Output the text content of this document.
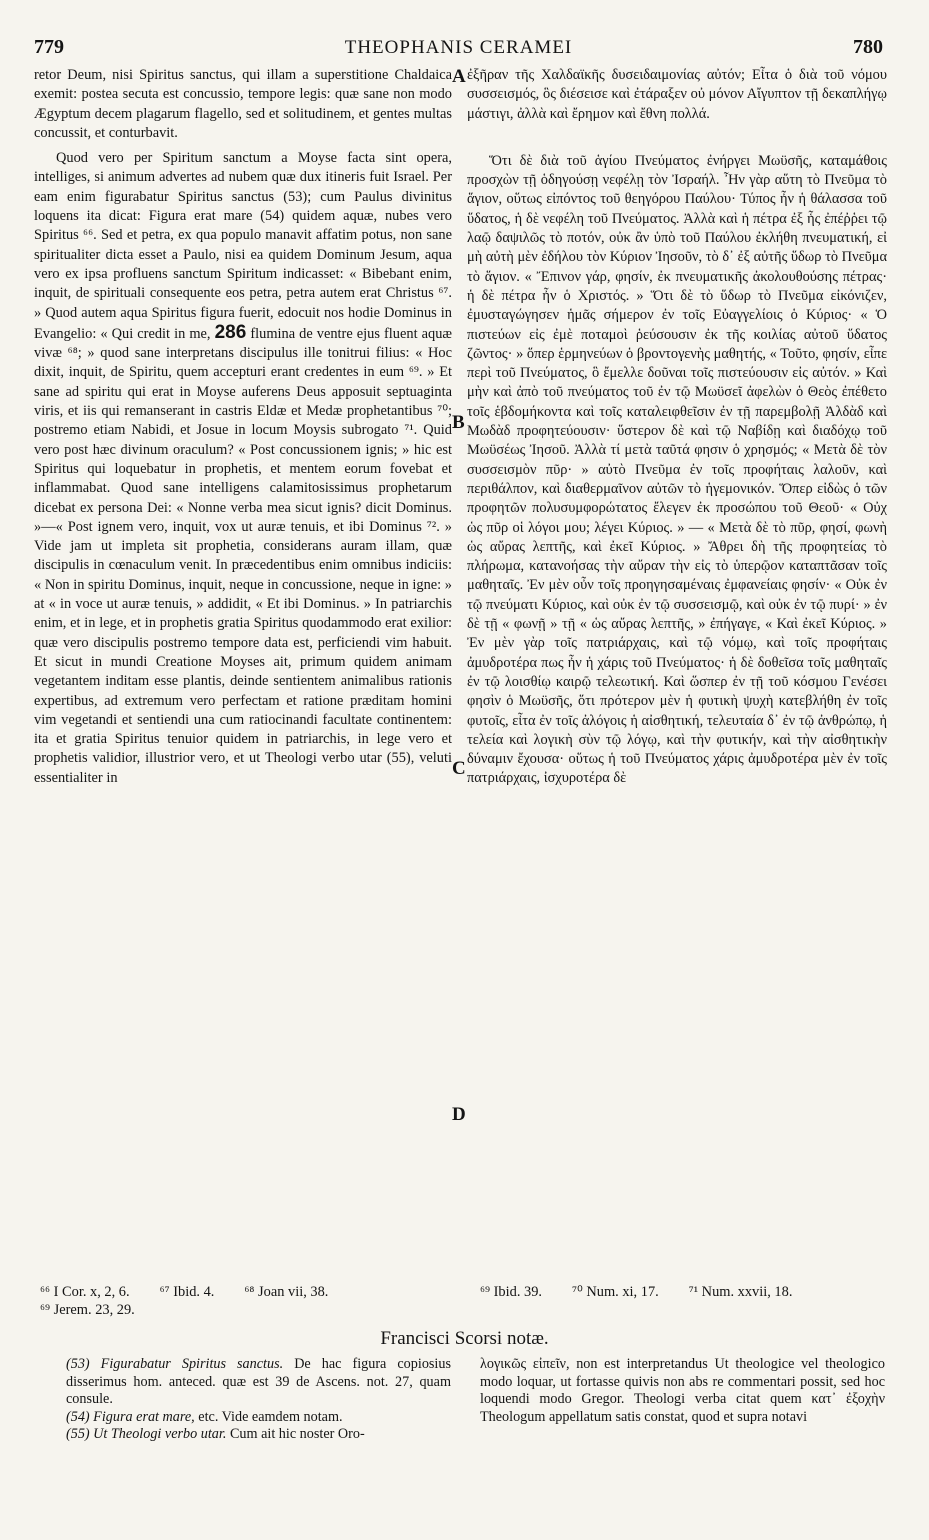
779	THEOPHANIS CERAMEI	780

retor Deum, nisi Spiritus sanctus, qui illam a superstitione Chaldaica exemit: postea secuta est concussio, tempore legis: quæ sane non modo Ægyptum decem plagarum flagello, sed et solitudinem, et gentes multas concussit, et conturbavit.

Quod vero per Spiritum sanctum a Moyse facta sint opera, intelliges, si animum advertes ad nubem quæ dux itineris fuit Israel. Per eam enim figurabatur Spiritus sanctus (53); cum Paulus divinitus loquens ita dicat: Figura erat mare (54) quidem aquæ, nubes vero Spiritus ⁶⁶. Sed et petra, ex qua populo manavit affatim potus, non sane spiritualiter dicta esset a Paulo, nisi ea quidem Dominum Jesum, aqua vero ex ipsa profluens sanctum Spiritum indicasset: « Bibebant enim, inquit, de spirituali consequente eos petra, petra autem erat Christus ⁶⁷. » Quod autem aqua Spiritus figura fuerit, edocuit nos hodie Dominus in Evangelio: « Qui credit in me, 286 flumina de ventre ejus fluent aquæ vivæ ⁶⁸; » quod sane interpretans discipulus ille tonitrui filius: « Hoc dixit, inquit, de Spiritu, quem accepturi erant credentes in eum ⁶⁹. » Et sane ad spiritu qui erat in Moyse auferens Deus apposuit septuaginta viris, et iis qui remanserant in castris Eldæ et Medæ prophetantibus ⁷⁰; postremo etiam Nabidi, et Josue in locum Moysis subrogato ⁷¹. Quid vero post hæc divinum oraculum? « Post concussionem ignis; » hic est Spiritus qui loquebatur in prophetis, et mentem eorum fovebat et inflammabat. Quod sane intelligens calamitosissimus prophetarum dicebat ex persona Dei: « Nonne verba mea sicut ignis? dicit Dominus. »—« Post ignem vero, inquit, vox ut auræ tenuis, et ibi Dominus ⁷². » Vide jam ut impleta sit prophetia, considerans auram illam, quæ discipulis in cœnaculum venit. In præcedentibus enim omnibus indiciis: « Non in spiritu Dominus, inquit, neque in concussione, neque in igne: » at « in voce ut auræ tenuis, » addidit, « Et ibi Dominus. » In patriarchis enim, et in lege, et in prophetis gratia Spiritus quodammodo erat exilior: quæ vero discipulis postremo tempore data est, perficiendi vim habuit. Et sicut in mundi Creatione Moyses ait, primum quidem animam vegetantem inditam esse plantis, deinde sentientem animalibus rationis expertibus, ad extremum vero perfectam et ratione præditam homini vim vegetandi et sentiendi una cum ratiocinandi facultate continentem: ita et gratia Spiritus tenuior quidem in patriarchis, in lege vero et prophetis validior, illustrior vero, et ut Theologi verbo utar (55), veluti essentialiter in

A
B
C
D

ἐξῆραν τῆς Χαλδαϊκῆς δυσειδαιμονίας αὐτόν; Εἶτα ὁ διὰ τοῦ νόμου συσσεισμός, ὃς διέσεισε καὶ ἐτάραξεν οὐ μόνον Αἴγυπτον τῇ δεκαπλήγῳ μάστιγι, ἀλλὰ καὶ ἔρημον καὶ ἔθνη πολλά.

Ὅτι δὲ διὰ τοῦ ἁγίου Πνεύματος ἐνήργει Μωϋσῆς, καταμάθοις προσχὼν τῇ ὁδηγούσῃ νεφέλῃ τὸν Ἰσραήλ. Ἦν γὰρ αὕτη τὸ Πνεῦμα τὸ ἅγιον, οὕτως εἰπόντος τοῦ θεηγόρου Παύλου· Τύπος ἦν ἡ θάλασσα τοῦ ὕδατος, ἡ δὲ νεφέλη τοῦ Πνεύματος. Ἀλλὰ καὶ ἡ πέτρα ἐξ ἧς ἐπέῤῥει τῷ λαῷ δαψιλῶς τὸ ποτόν, οὐκ ἂν ὑπὸ τοῦ Παύλου ἐκλήθη πνευματική, εἰ μὴ αὐτὴ μὲν ἐδήλου τὸν Κύριον Ἰησοῦν, τὸ δ᾽ ἐξ αὐτῆς ὕδωρ τὸ Πνεῦμα τὸ ἅγιον. « Ἔπινον γάρ, φησίν, ἐκ πνευματικῆς ἀκολουθούσης πέτρας· ἡ δὲ πέτρα ἦν ὁ Χριστός. » Ὅτι δὲ τὸ ὕδωρ τὸ Πνεῦμα εἰκόνιζεν, ἐμυσταγώγησεν ἡμᾶς σήμερον ἐν τοῖς Εὐαγγελίοις ὁ Κύριος· « Ὁ πιστεύων εἰς ἐμὲ ποταμοὶ ῥεύσουσιν ἐκ τῆς κοιλίας αὐτοῦ ὕδατος ζῶντος· » ὅπερ ἑρμηνεύων ὁ βροντογενὴς μαθητής, « Τοῦτο, φησίν, εἶπε περὶ τοῦ Πνεύματος, ὃ ἔμελλε δοῦναι τοῖς πιστεύουσιν εἰς αὐτόν. » Καὶ μὴν καὶ ἀπὸ τοῦ πνεύματος τοῦ ἐν τῷ Μωϋσεῖ ἀφελὼν ὁ Θεὸς ἐπέθετο τοῖς ἑβδομήκοντα καὶ τοῖς καταλειφθεῖσιν ἐν τῇ παρεμβολῇ Ἀλδὰδ καὶ Μωδὰδ προφητεύουσιν· ὕστερον δὲ καὶ τῷ Ναβίδῃ καὶ διαδόχῳ τοῦ Μωϋσέως Ἰησοῦ. Ἀλλὰ τί μετὰ ταῦτά φησιν ὁ χρησμός; « Μετὰ δὲ τὸν συσσεισμὸν πῦρ· » αὐτὸ Πνεῦμα ἐν τοῖς προφήταις λαλοῦν, καὶ περιθάλπον, καὶ διαθερμαῖνον αὐτῶν τὸ ἡγεμονικόν. Ὅπερ εἰδὼς ὁ τῶν προφητῶν πολυσυμφορώτατος ἔλεγεν ἐκ προσώπου τοῦ Θεοῦ· « Οὐχ ὡς πῦρ οἱ λόγοι μου; λέγει Κύριος. » — « Μετὰ δὲ τὸ πῦρ, φησί, φωνὴ ὡς αὔρας λεπτῆς, καὶ ἐκεῖ Κύριος. » Ἄθρει δὴ τῆς προφητείας τὸ πλήρωμα, κατανοήσας τὴν αὔραν τὴν εἰς τὸ ὑπερῷον καταπτᾶσαν τοῖς μαθηταῖς. Ἐν μὲν οὖν τοῖς προηγησαμέναις ἐμφανείαις φησίν· « Οὐκ ἐν τῷ πνεύματι Κύριος, καὶ οὐκ ἐν τῷ συσσεισμῷ, καὶ οὐκ ἐν τῷ πυρί· » ἐν δὲ τῇ « φωνῇ » τῇ « ὡς αὔρας λεπτῆς, » ἐπήγαγε, « Καὶ ἐκεῖ Κύριος. » Ἐν μὲν γὰρ τοῖς πατριάρχαις, καὶ τῷ νόμῳ, καὶ τοῖς προφήταις ἀμυδροτέρα πως ἦν ἡ χάρις τοῦ Πνεύματος· ἡ δὲ δοθεῖσα τοῖς μαθηταῖς ἐν τῷ λοισθίῳ καιρῷ τελεωτική. Καὶ ὥσπερ ἐν τῇ τοῦ κόσμου Γενέσει φησὶν ὁ Μωϋσῆς, ὅτι πρότερον μὲν ἡ φυτικὴ ψυχὴ κατεβλήθη ἐν τοῖς φυτοῖς, εἶτα ἐν τοῖς ἀλόγοις ἡ αἰσθητική, τελευταία δ᾽ ἐν τῷ ἀνθρώπῳ, ἡ τελεία καὶ λογικὴ σὺν τῷ λόγῳ, καὶ τὴν φυτικήν, καὶ τὴν αἰσθητικὴν δύναμιν ἔχουσα· οὕτως ἡ τοῦ Πνεύματος χάρις ἀμυδροτέρα μὲν ἐν τοῖς πατριάρχαις, ἰσχυροτέρα δὲ

⁶⁶ I Cor. x, 2, 6. ⁶⁷ Ibid. 4. ⁶⁸ Joan vii, 38.
⁶⁹ Jerem. 23, 29.
⁶⁹ Ibid. 39. ⁷⁰ Num. xi, 17. ⁷¹ Num. xxvii, 18.
Francisci Scorsi notæ.

(53) Figurabatur Spiritus sanctus. De hac figura copiosius disserimus hom. anteced. quæ est 39 de Ascens. not. 27, quam consule.

(54) Figura erat mare, etc. Vide eamdem notam.

(55) Ut Theologi verbo utar. Cum ait hic noster Oro-

λογικῶς εἰπεῖν, non est interpretandus Ut theologice vel theologico modo loquar, ut fortasse quivis non abs re commentari possit, sed hoc loquendi modo Gregor. Theologi verba citat quem κατ᾽ ἐξοχὴν Theologum appellatum satis constat, quod et supra notavi
